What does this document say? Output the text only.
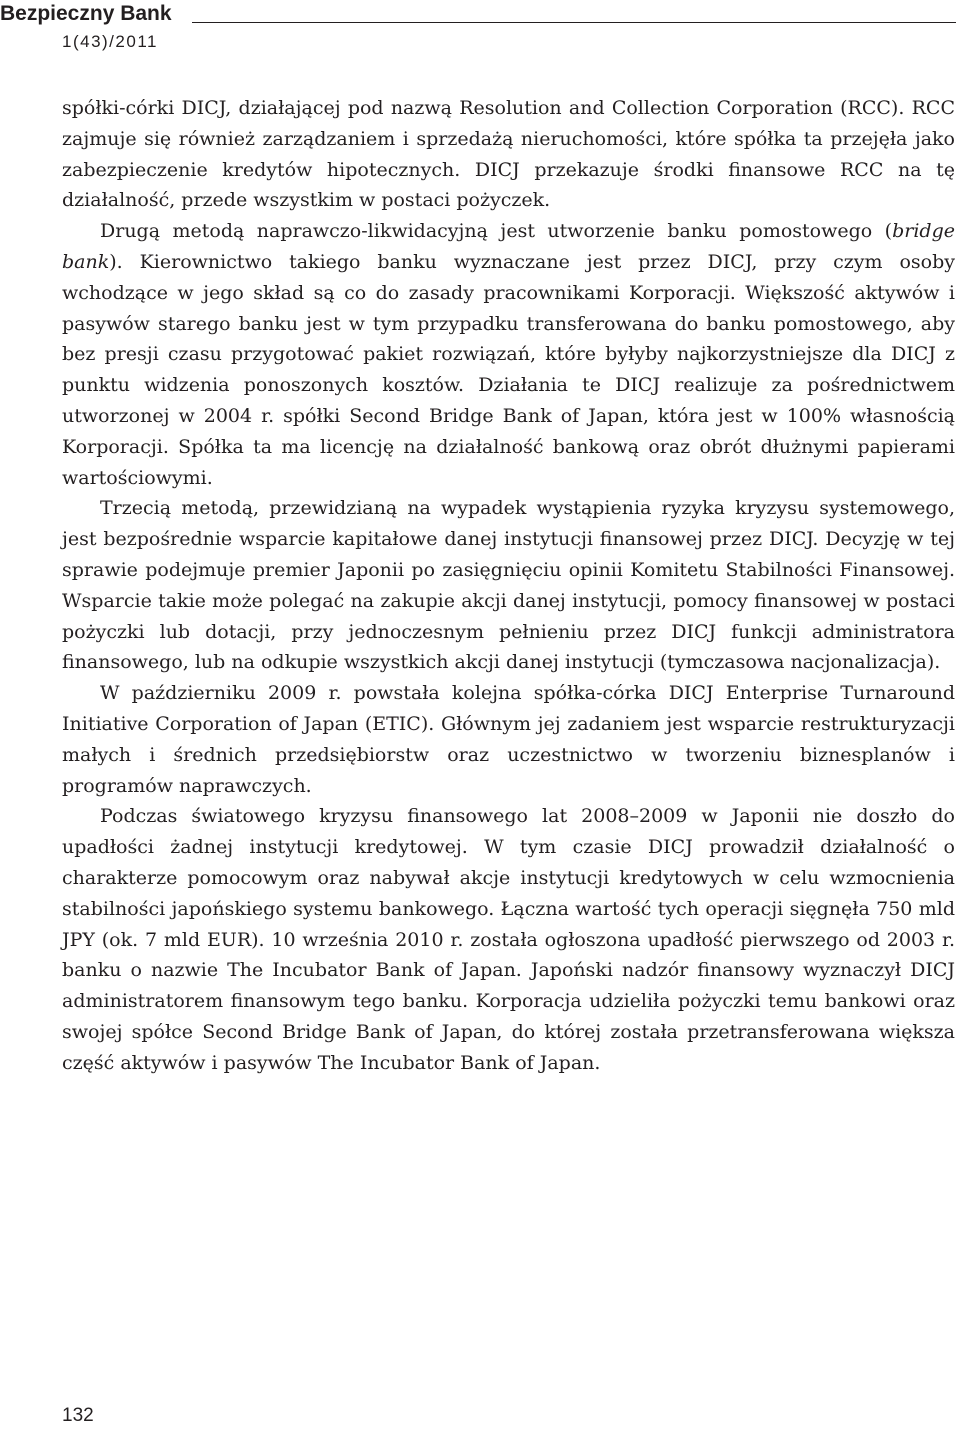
Bezpieczny Bank
1(43)/2011

spółki-córki DICJ, działającej pod nazwą Resolution and Collection Corporation (RCC). RCC zajmuje się również zarządzaniem i sprzedażą nieruchomości, które spółka ta przejęła jako zabezpieczenie kredytów hipotecznych. DICJ przekazuje środki finansowe RCC na tę działalność, przede wszystkim w postaci pożyczek.

Drugą metodą naprawczo-likwidacyjną jest utworzenie banku pomostowego (bridge bank). Kierownictwo takiego banku wyznaczane jest przez DICJ, przy czym osoby wchodzące w jego skład są co do zasady pracownikami Korporacji. Większość aktywów i pasywów starego banku jest w tym przypadku transferowana do banku pomostowego, aby bez presji czasu przygotować pakiet rozwiązań, które byłyby najkorzystniejsze dla DICJ z punktu widzenia ponoszonych kosztów. Działania te DICJ realizuje za pośrednictwem utworzonej w 2004 r. spółki Second Bridge Bank of Japan, która jest w 100% własnością Korporacji. Spółka ta ma licencję na działalność bankową oraz obrót dłużnymi papierami wartościowymi.

Trzecią metodą, przewidzianą na wypadek wystąpienia ryzyka kryzysu systemowego, jest bezpośrednie wsparcie kapitałowe danej instytucji finansowej przez DICJ. Decyzję w tej sprawie podejmuje premier Japonii po zasięgnięciu opinii Komitetu Stabilności Finansowej. Wsparcie takie może polegać na zakupie akcji danej instytucji, pomocy finansowej w postaci pożyczki lub dotacji, przy jednoczesnym pełnieniu przez DICJ funkcji administratora finansowego, lub na odkupie wszystkich akcji danej instytucji (tymczasowa nacjonalizacja).

W październiku 2009 r. powstała kolejna spółka-córka DICJ Enterprise Turnaround Initiative Corporation of Japan (ETIC). Głównym jej zadaniem jest wsparcie restrukturyzacji małych i średnich przedsiębiorstw oraz uczestnictwo w tworzeniu biznesplanów i programów naprawczych.

Podczas światowego kryzysu finansowego lat 2008–2009 w Japonii nie doszło do upadłości żadnej instytucji kredytowej. W tym czasie DICJ prowadził działalność o charakterze pomocowym oraz nabywał akcje instytucji kredytowych w celu wzmocnienia stabilności japońskiego systemu bankowego. Łączna wartość tych operacji sięgnęła 750 mld JPY (ok. 7 mld EUR). 10 września 2010 r. została ogłoszona upadłość pierwszego od 2003 r. banku o nazwie The Incubator Bank of Japan. Japoński nadzór finansowy wyznaczył DICJ administratorem finansowym tego banku. Korporacja udzieliła pożyczki temu bankowi oraz swojej spółce Second Bridge Bank of Japan, do której została przetransferowana większa część aktywów i pasywów The Incubator Bank of Japan.

132
